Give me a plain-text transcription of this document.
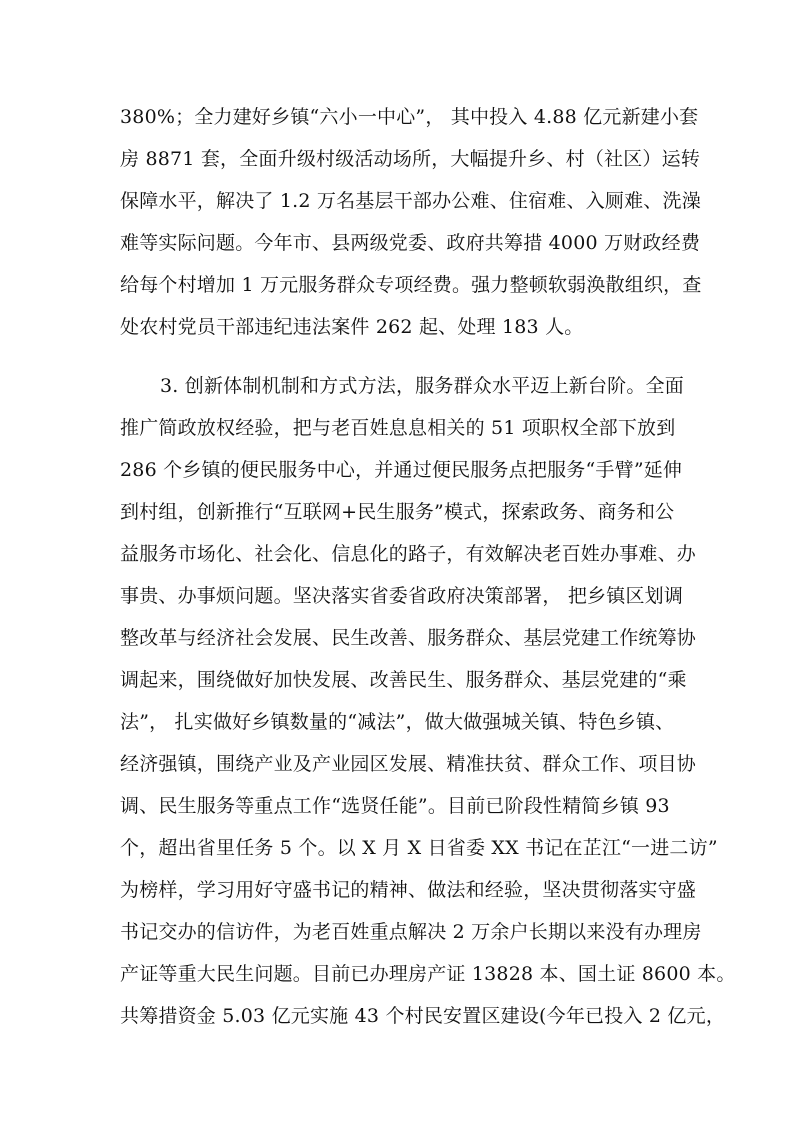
380%；全力建好乡镇“六小一中心”， 其中投入 4.88 亿元新建小套
房 8871 套，全面升级村级活动场所，大幅提升乡、村（社区）运转
保障水平，解决了 1.2 万名基层干部办公难、住宿难、入厕难、洗澡
难等实际问题。今年市、县两级党委、政府共筹措 4000 万财政经费
给每个村增加 1 万元服务群众专项经费。强力整顿软弱涣散组织，查
处农村党员干部违纪违法案件 262 起、处理 183 人。
3. 创新体制机制和方式方法，服务群众水平迈上新台阶。全面
推广简政放权经验，把与老百姓息息相关的 51 项职权全部下放到
286 个乡镇的便民服务中心，并通过便民服务点把服务“手臂”延伸
到村组，创新推行“互联网+民生服务”模式，探索政务、商务和公
益服务市场化、社会化、信息化的路子，有效解决老百姓办事难、办
事贵、办事烦问题。坚决落实省委省政府决策部署， 把乡镇区划调
整改革与经济社会发展、民生改善、服务群众、基层党建工作统筹协
调起来，围绕做好加快发展、改善民生、服务群众、基层党建的“乘
法”， 扎实做好乡镇数量的“减法”，做大做强城关镇、特色乡镇、
经济强镇，围绕产业及产业园区发展、精准扶贫、群众工作、项目协
调、民生服务等重点工作“选贤任能”。目前已阶段性精简乡镇 93
个，超出省里任务 5 个。以 X 月 X 日省委 XX 书记在芷江“一进二访”
为榜样，学习用好守盛书记的精神、做法和经验，坚决贯彻落实守盛
书记交办的信访件，为老百姓重点解决 2 万余户长期以来没有办理房
产证等重大民生问题。目前已办理房产证 13828 本、国土证 8600 本。
共筹措资金 5.03 亿元实施 43 个村民安置区建设(今年已投入 2 亿元，
